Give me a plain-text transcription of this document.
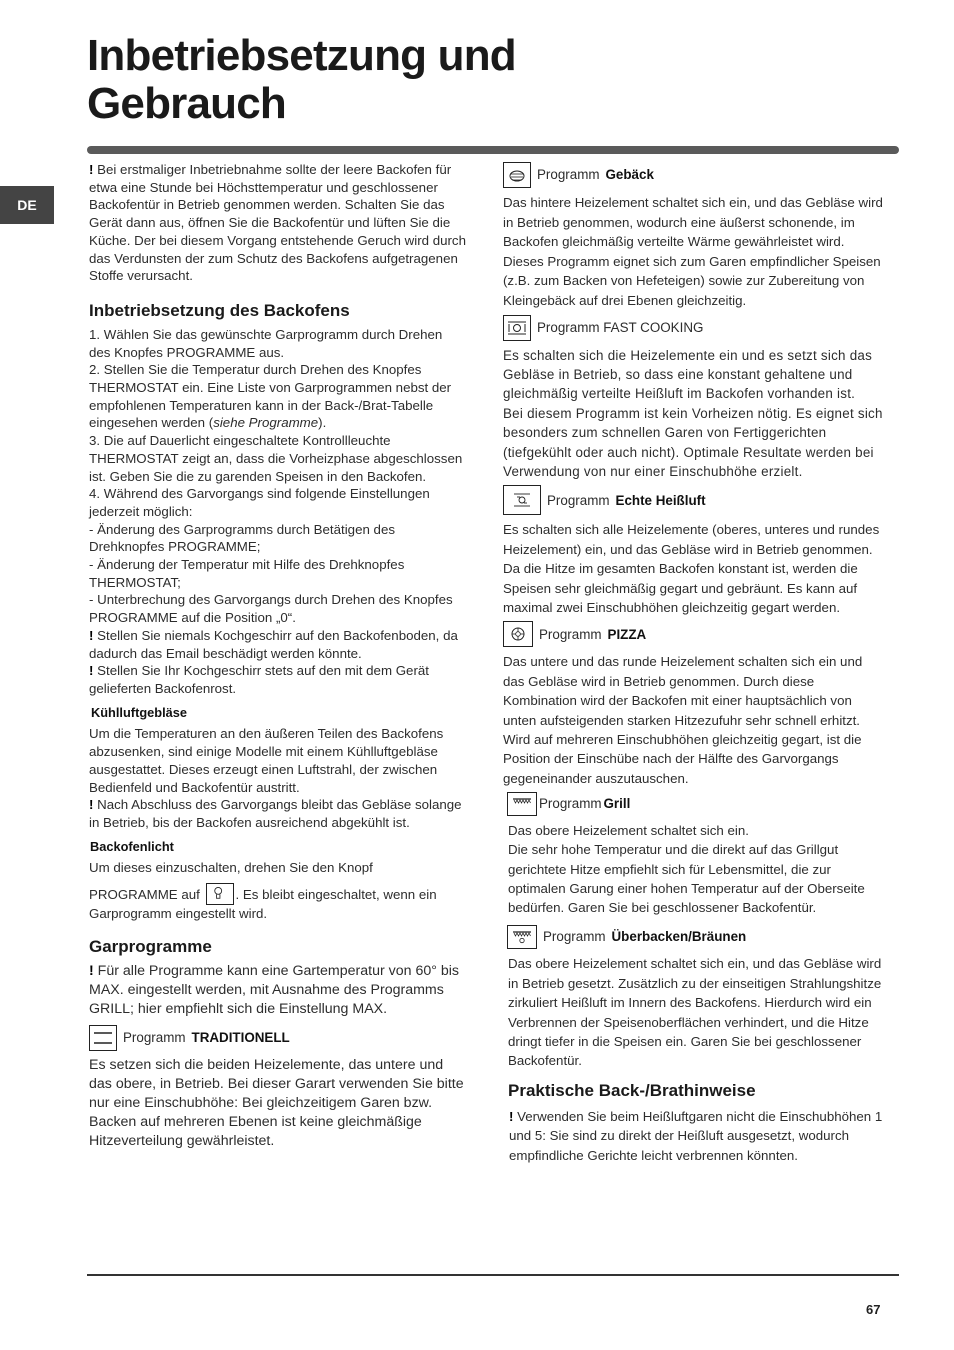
Inbetriebsetzung und
Gebrauch
DE

! Bei erstmaliger Inbetriebnahme sollte der leere Backofen für etwa eine Stunde bei Höchsttemperatur und geschlossener Backofentür in Betrieb genommen werden. Schalten Sie das Gerät dann aus, öffnen Sie die Backofentür und lüften Sie die Küche. Der bei diesem Vorgang entstehende Geruch wird durch das Verdunsten der zum Schutz des Backofens aufgetragenen Stoffe verursacht.

Inbetriebsetzung des Backofens

1. Wählen Sie das gewünschte Garprogramm durch Drehen des Knopfes PROGRAMME aus.

2. Stellen Sie die Temperatur durch Drehen des Knopfes THERMOSTAT ein. Eine Liste von Garprogrammen nebst der empfohlenen Temperaturen kann in der Back-/Brat-Tabelle eingesehen werden (siehe Programme).

3. Die auf Dauerlicht eingeschaltete Kontrollleuchte THERMOSTAT zeigt an, dass die Vorheizphase abgeschlossen ist. Geben Sie die zu garenden Speisen in den Backofen.

4. Während des Garvorgangs sind folgende Einstellungen jederzeit möglich:

- Änderung des Garprogramms durch Betätigen des Drehknopfes PROGRAMME;

- Änderung der Temperatur mit Hilfe des Drehknopfes THERMOSTAT;

- Unterbrechung des Garvorgangs durch Drehen des Knopfes PROGRAMME auf die Position „0“.

! Stellen Sie niemals Kochgeschirr auf den Backofenboden, da dadurch das Email beschädigt werden könnte.

! Stellen Sie Ihr Kochgeschirr stets auf den mit dem Gerät gelieferten Backofenrost.

Kühlluftgebläse

Um die Temperaturen an den äußeren Teilen des Backofens abzusenken, sind einige Modelle mit einem Kühlluftgebläse ausgestattet. Dieses erzeugt einen Luftstrahl, der zwischen Bedienfeld und Backofentür austritt.

! Nach Abschluss des Garvorgangs bleibt das Gebläse solange in Betrieb, bis der Backofen ausreichend abgekühlt ist.

Backofenlicht

Um dieses einzuschalten, drehen Sie den Knopf

PROGRAMME auf	. Es bleibt eingeschaltet, wenn ein Garprogramm eingestellt wird.

Garprogramme

! Für alle Programme kann eine Gartemperatur von 60° bis MAX. eingestellt werden, mit Ausnahme des Programms GRILL; hier empfiehlt sich die Einstellung MAX.

Programm TRADITIONELL

Es setzen sich die beiden Heizelemente, das untere und das obere, in Betrieb. Bei dieser Garart verwenden Sie bitte nur eine Einschubhöhe: Bei gleichzeitigem Garen bzw. Backen auf mehreren Ebenen ist keine gleichmäßige Hitzeverteilung gewährleistet.

Programm Gebäck

Das hintere Heizelement schaltet sich ein, und das Gebläse wird in Betrieb genommen, wodurch eine äußerst schonende, im Backofen gleichmäßig verteilte Wärme gewährleistet wird. Dieses Programm eignet sich zum Garen empfindlicher Speisen (z.B. zum Backen von Hefeteigen) sowie zur Zubereitung von Kleingebäck auf drei Ebenen gleichzeitig.

Programm FAST COOKING

Es schalten sich die Heizelemente ein und es setzt sich das Gebläse in Betrieb, so dass eine konstant gehaltene und gleichmäßig verteilte Heißluft im Backofen vorhanden ist.

Bei diesem Programm ist kein Vorheizen nötig. Es eignet sich besonders zum schnellen Garen von Fertiggerichten (tiefgekühlt oder auch nicht). Optimale Resultate werden bei Verwendung von nur einer Einschubhöhe erzielt.

Programm Echte Heißluft

Es schalten sich alle Heizelemente (oberes, unteres und rundes Heizelement) ein, und das Gebläse wird in Betrieb genommen. Da die Hitze im gesamten Backofen konstant ist, werden die Speisen sehr gleichmäßig gegart und gebräunt. Es kann auf maximal zwei Einschubhöhen gleichzeitig gegart werden.

Programm PIZZA

Das untere und das runde Heizelement schalten sich ein und das Gebläse wird in Betrieb genommen. Durch diese Kombination wird der Backofen mit einer hauptsächlich von unten aufsteigenden starken Hitzezufuhr sehr schnell erhitzt. Wird auf mehreren Einschubhöhen gleichzeitig gegart, ist die Position der Einschübe nach der Hälfte des Garvorgangs gegeneinander auszutauschen.

Programm Grill

Das obere Heizelement schaltet sich ein.

Die sehr hohe Temperatur und die direkt auf das Grillgut gerichtete Hitze empfiehlt sich für Lebensmittel, die zur optimalen Garung einer hohen Temperatur auf der Oberseite bedürfen. Garen Sie bei geschlossener Backofentür.

Programm Überbacken/Bräunen

Das obere Heizelement schaltet sich ein, und das Gebläse wird in Betrieb gesetzt. Zusätzlich zu der einseitigen Strahlungshitze zirkuliert Heißluft im Innern des Backofens. Hierdurch wird ein Verbrennen der Speisenoberflächen verhindert, und die Hitze dringt tiefer in die Speisen ein. Garen Sie bei geschlossener Backofentür.

Praktische Back-/Brathinweise

! Verwenden Sie beim Heißluftgaren nicht die Einschubhöhen 1 und 5: Sie sind zu direkt der Heißluft ausgesetzt, wodurch empfindliche Gerichte leicht verbrennen könnten.

67
